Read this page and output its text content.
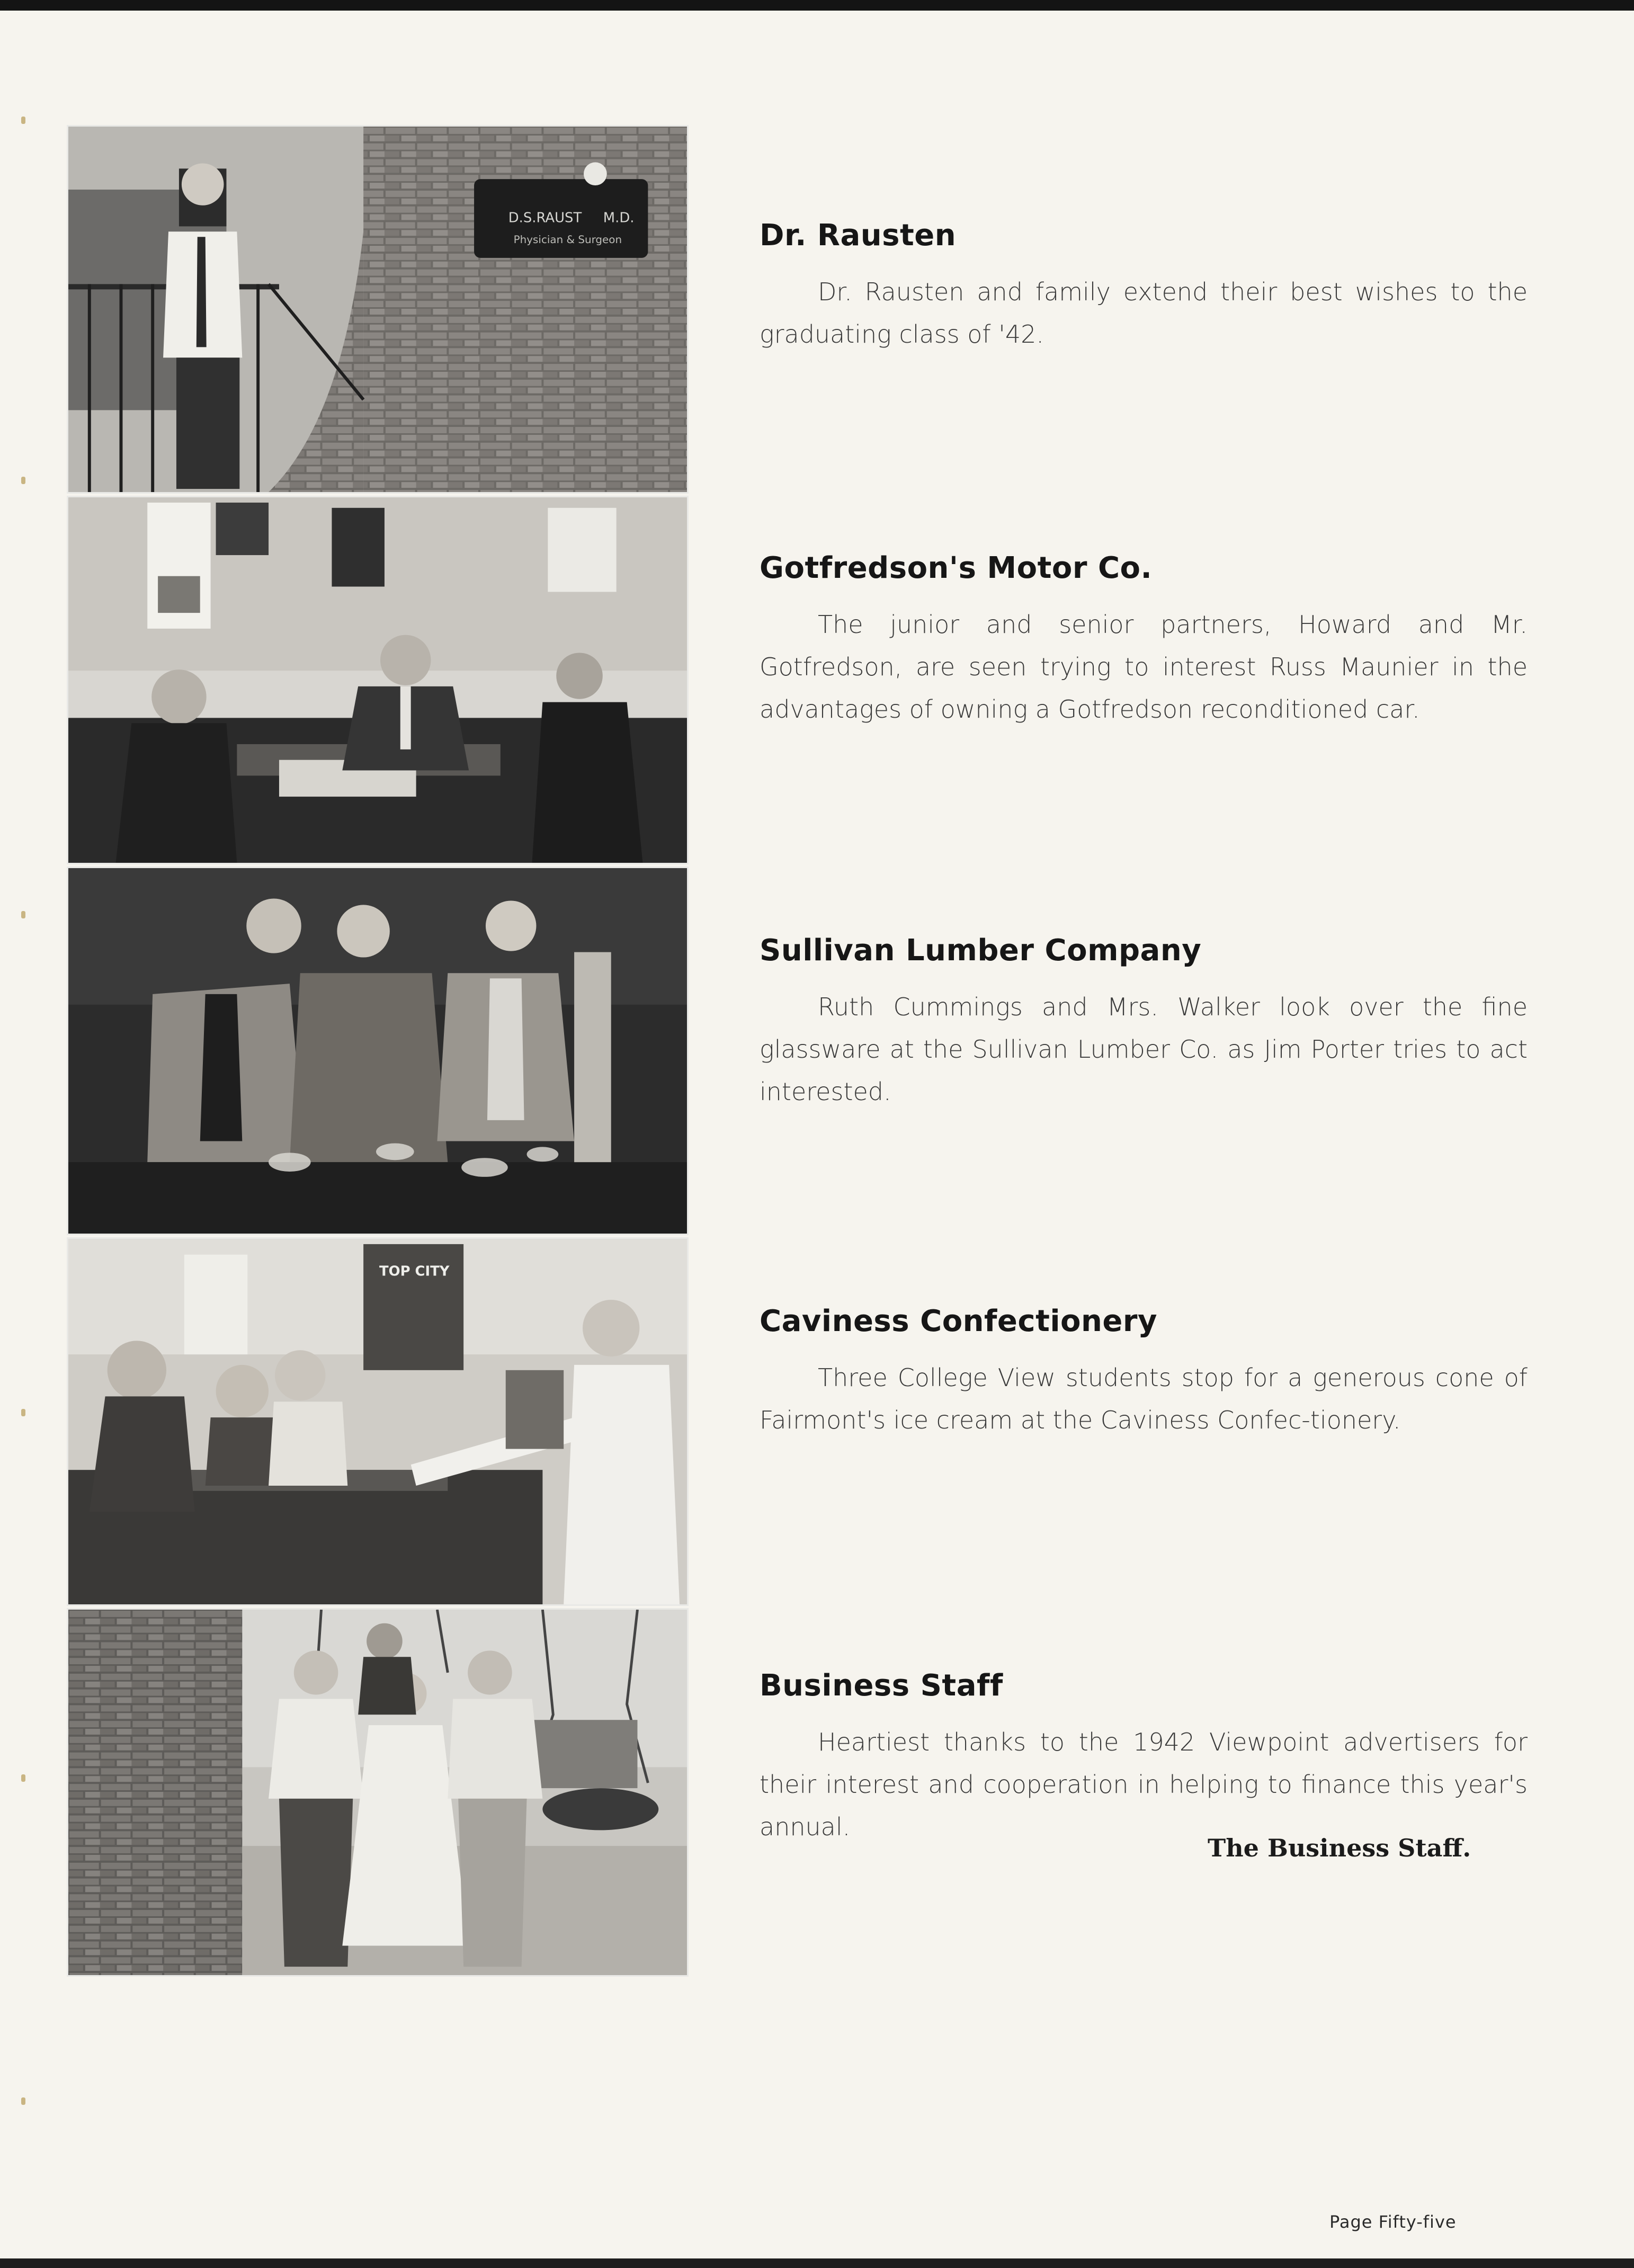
D.S.RAUST M.D.
Physician & Surgeon
TOP CITY
Dr. Rausten

Dr. Rausten and family extend their best wishes to the graduating class of '42.

Gotfredson's Motor Co.

The junior and senior partners, Howard and Mr. Gotfredson, are seen trying to interest Russ Maunier in the advantages of owning a Gotfredson reconditioned car.

Sullivan Lumber Company

Ruth Cummings and Mrs. Walker look over the fine glassware at the Sullivan Lumber Co. as Jim Porter tries to act interested.

Caviness Confectionery

Three College View students stop for a generous cone of Fairmont's ice cream at the Caviness Confec-tionery.

Business Staff

Heartiest thanks to the 1942 Viewpoint advertisers for their interest and cooperation in helping to finance this year's annual.

The Business Staff.
Page Fifty-five
